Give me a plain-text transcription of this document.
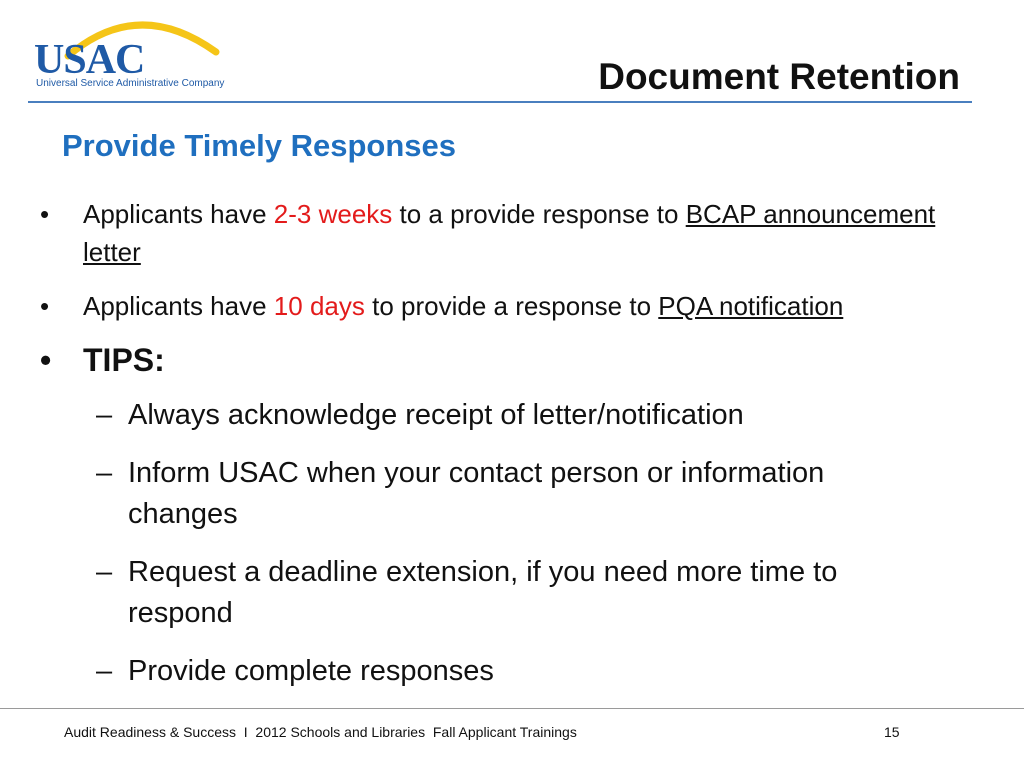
USAC
Universal Service Administrative Company	Document Retention
Provide Timely Responses
• Applicants have 2-3 weeks to a provide response to BCAP announcement letter
• Applicants have 10 days to provide a response to PQA notification
• TIPS:
– Always acknowledge receipt of letter/notification
– Inform USAC when your contact person or information changes
– Request a deadline extension, if you need more time to respond
– Provide complete responses
Audit Readiness & Success  I  2012 Schools and Libraries  Fall Applicant Trainings	15
